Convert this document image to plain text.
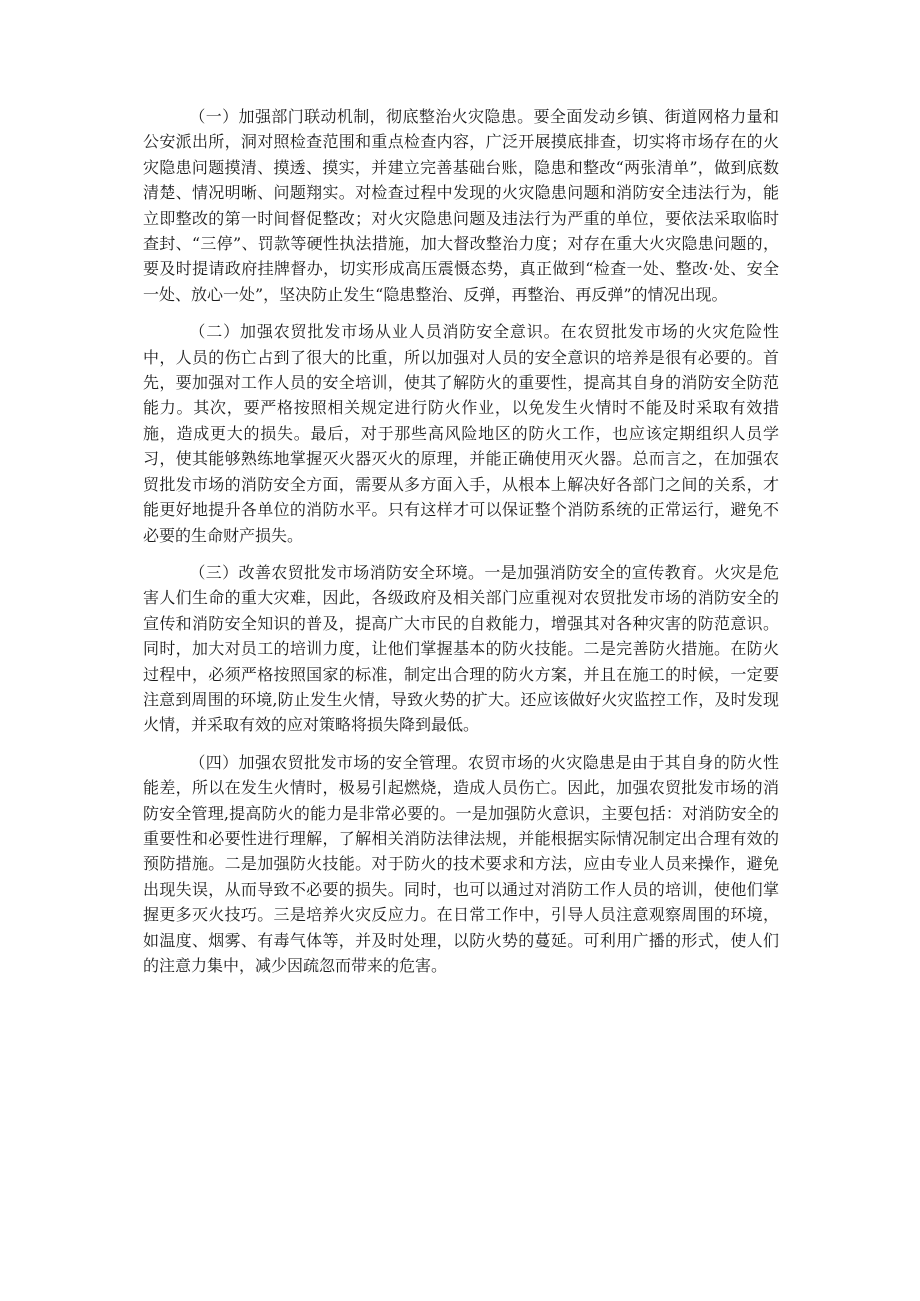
（一）加强部门联动机制，彻底整治火灾隐患。要全面发动乡镇、街道网格力量和公安派出所，洞对照检查范围和重点检查内容，广泛开展摸底排查，切实将市场存在的火灾隐患问题摸清、摸透、摸实，并建立完善基础台账，隐患和整改“两张清单”，做到底数清楚、情况明晰、问题翔实。对检查过程中发现的火灾隐患问题和消防安全违法行为，能立即整改的第一时间督促整改；对火灾隐患问题及违法行为严重的单位，要依法采取临时查封、“三停”、罚款等硬性执法措施，加大督改整治力度；对存在重大火灾隐患问题的，要及时提请政府挂牌督办，切实形成高压震慑态势，真正做到“检查一处、整改·处、安全一处、放心一处”，坚决防止发生“隐患整治、反弹，再整治、再反弹”的情况出现。

（二）加强农贸批发市场从业人员消防安全意识。在农贸批发市场的火灾危险性中，人员的伤亡占到了很大的比重，所以加强对人员的安全意识的培养是很有必要的。首先，要加强对工作人员的安全培训，使其了解防火的重要性，提高其自身的消防安全防范能力。其次，要严格按照相关规定进行防火作业，以免发生火情时不能及时采取有效措施，造成更大的损失。最后，对于那些高风险地区的防火工作，也应该定期组织人员学习，使其能够熟练地掌握灭火器灭火的原理，并能正确使用灭火器。总而言之，在加强农贸批发市场的消防安全方面，需要从多方面入手，从根本上解决好各部门之间的关系，才能更好地提升各单位的消防水平。只有这样才可以保证整个消防系统的正常运行，避免不必要的生命财产损失。

（三）改善农贸批发市场消防安全环境。一是加强消防安全的宣传教育。火灾是危害人们生命的重大灾难，因此，各级政府及相关部门应重视对农贸批发市场的消防安全的宣传和消防安全知识的普及，提高广大市民的自救能力，增强其对各种灾害的防范意识。同时，加大对员工的培训力度，让他们掌握基本的防火技能。二是完善防火措施。在防火过程中，必须严格按照国家的标准，制定出合理的防火方案，并且在施工的时候，一定要注意到周围的环境,防止发生火情，导致火势的扩大。还应该做好火灾监控工作，及时发现火情，并采取有效的应对策略将损失降到最低。

（四）加强农贸批发市场的安全管理。农贸市场的火灾隐患是由于其自身的防火性能差，所以在发生火情时，极易引起燃烧，造成人员伤亡。因此，加强农贸批发市场的消防安全管理,提高防火的能力是非常必要的。一是加强防火意识，主要包括：对消防安全的重要性和必要性进行理解，了解相关消防法律法规，并能根据实际情况制定出合理有效的预防措施。二是加强防火技能。对于防火的技术要求和方法，应由专业人员来操作，避免出现失误，从而导致不必要的损失。同时，也可以通过对消防工作人员的培训，使他们掌握更多灭火技巧。三是培养火灾反应力。在日常工作中，引导人员注意观察周围的环境，如温度、烟雾、有毒气体等，并及时处理，以防火势的蔓延。可利用广播的形式，使人们的注意力集中，减少因疏忽而带来的危害。
